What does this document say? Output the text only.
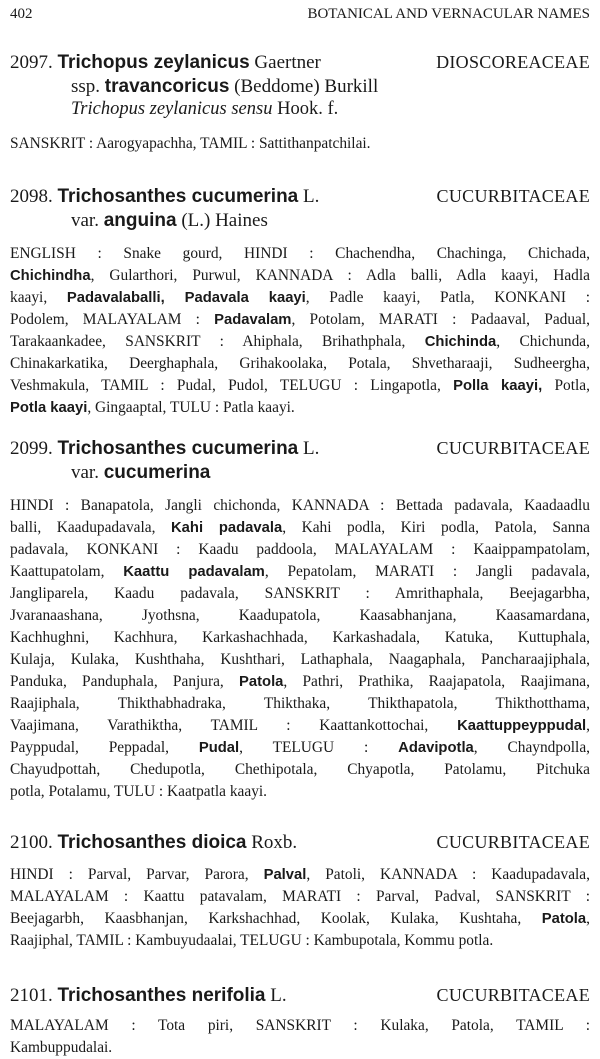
402	BOTANICAL AND VERNACULAR NAMES
2097. Trichopus zeylanicus Gaertner	DIOSCOREACEAE
ssp. travancoricus (Beddome) Burkill
Trichopus zeylanicus sensu Hook. f.
SANSKRIT : Aarogyapachha, TAMIL : Sattithanpatchilai.
2098. Trichosanthes cucumerina L.	CUCURBITACEAE
var. anguina (L.) Haines
ENGLISH : Snake gourd, HINDI : Chachendha, Chachinga, Chichada,
Chichindha, Gularthori, Purwul, KANNADA : Adla balli, Adla kaayi, Hadla
kaayi, Padavalaballi, Padavala kaayi, Padle kaayi, Patla, KONKANI :
Podolem, MALAYALAM : Padavalam, Potolam, MARATI : Padaaval, Padual,
Tarakaankadee, SANSKRIT : Ahiphala, Brihathphala, Chichinda, Chichunda,
Chinakarkatika, Deerghaphala, Grihakoolaka, Potala, Shvetharaaji, Sudheergha,
Veshmakula, TAMIL : Pudal, Pudol, TELUGU : Lingapotla, Polla kaayi, Potla,
Potla kaayi, Gingaaptal, TULU : Patla kaayi.
2099. Trichosanthes cucumerina L.	CUCURBITACEAE
var. cucumerina
HINDI : Banapatola, Jangli chichonda, KANNADA : Bettada padavala, Kaadaadlu
balli, Kaadupadavala, Kahi padavala, Kahi podla, Kiri podla, Patola, Sanna
padavala, KONKANI : Kaadu paddoola, MALAYALAM : Kaaippampatolam,
Kaattupatolam, Kaattu padavalam, Pepatolam, MARATI : Jangli padavala,
Jangliparela, Kaadu padavala, SANSKRIT : Amrithaphala, Beejagarbha,
Jvaranaashana, Jyothsna, Kaadupatola, Kaasabhanjana, Kaasamardana,
Kachhughni, Kachhura, Karkashachhada, Karkashadala, Katuka, Kuttuphala,
Kulaja, Kulaka, Kushthaha, Kushthari, Lathaphala, Naagaphala, Pancharaajiphala,
Panduka, Panduphala, Panjura, Patola, Pathri, Prathika, Raajapatola, Raajimana,
Raajiphala, Thikthabhadraka, Thikthaka, Thikthapatola, Thikthotthama,
Vaajimana, Varathiktha, TAMIL : Kaattankottochai, Kaattuppeyppudal,
Payppudal, Peppadal, Pudal, TELUGU : Adavipotla, Chayndpolla,
Chayudpottah, Chedupotla, Chethipotala, Chyapotla, Patolamu, Pitchuka
potla, Potalamu, TULU : Kaatpatla kaayi.
2100. Trichosanthes dioica Roxb.	CUCURBITACEAE
HINDI : Parval, Parvar, Parora, Palval, Patoli, KANNADA : Kaadupadavala,
MALAYALAM : Kaattu patavalam, MARATI : Parval, Padval, SANSKRIT :
Beejagarbh, Kaasbhanjan, Karkshachhad, Koolak, Kulaka, Kushtaha, Patola,
Raajiphal, TAMIL : Kambuyudaalai, TELUGU : Kambupotala, Kommu potla.
2101. Trichosanthes nerifolia L.	CUCURBITACEAE
MALAYALAM : Tota piri, SANSKRIT : Kulaka, Patola, TAMIL :
Kambuppudalai.
